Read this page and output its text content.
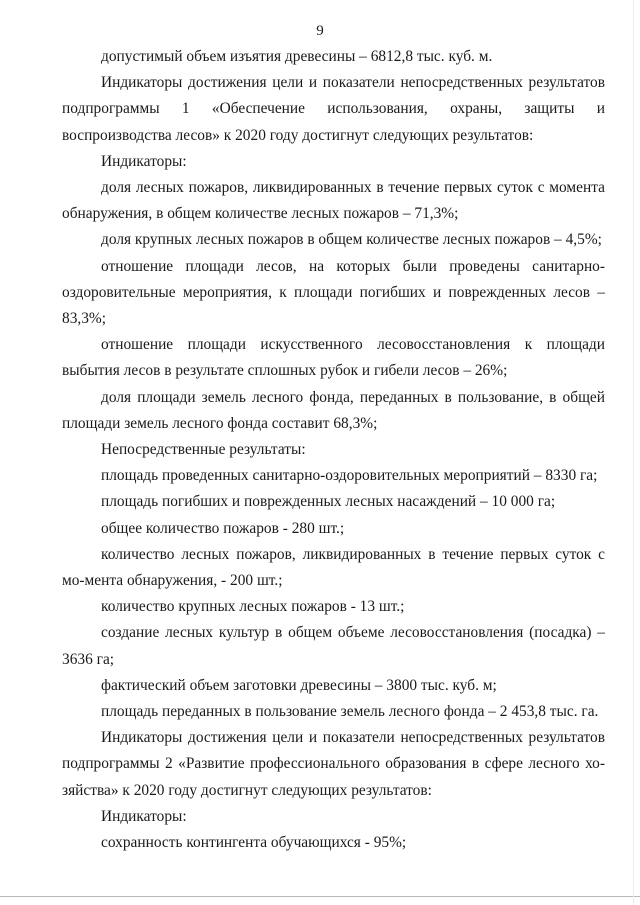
9

допустимый объем изъятия древесины – 6812,8 тыс. куб. м.

Индикаторы достижения цели и показатели непосредственных результатов подпрограммы 1 «Обеспечение использования, охраны, защиты и воспроизводства лесов» к 2020 году достигнут следующих результатов:

Индикаторы:

доля лесных пожаров, ликвидированных в течение первых суток с момента обнаружения, в общем количестве лесных пожаров – 71,3%;

доля крупных лесных пожаров в общем количестве лесных пожаров – 4,5%;

отношение площади лесов, на которых были проведены санитарно-оздоровительные мероприятия, к площади погибших и поврежденных лесов – 83,3%;

отношение площади искусственного лесовосстановления к площади выбытия лесов в результате сплошных рубок и гибели лесов – 26%;

доля площади земель лесного фонда, переданных в пользование, в общей площади земель лесного фонда составит 68,3%;

Непосредственные результаты:

площадь проведенных санитарно-оздоровительных мероприятий – 8330 га;

площадь погибших и поврежденных лесных насаждений – 10 000 га;

общее количество пожаров - 280 шт.;

количество лесных пожаров, ликвидированных в течение первых суток с мо-мента обнаружения, - 200 шт.;

количество крупных лесных пожаров - 13 шт.;

создание лесных культур в общем объеме лесовосстановления (посадка) – 3636 га;

фактический объем заготовки древесины – 3800 тыс. куб. м;

площадь переданных в пользование земель лесного фонда – 2 453,8 тыс. га.

Индикаторы достижения цели и показатели непосредственных результатов подпрограммы 2 «Развитие профессионального образования в сфере лесного хо-зяйства» к 2020 году достигнут следующих результатов:

Индикаторы:

сохранность контингента обучающихся - 95%;
